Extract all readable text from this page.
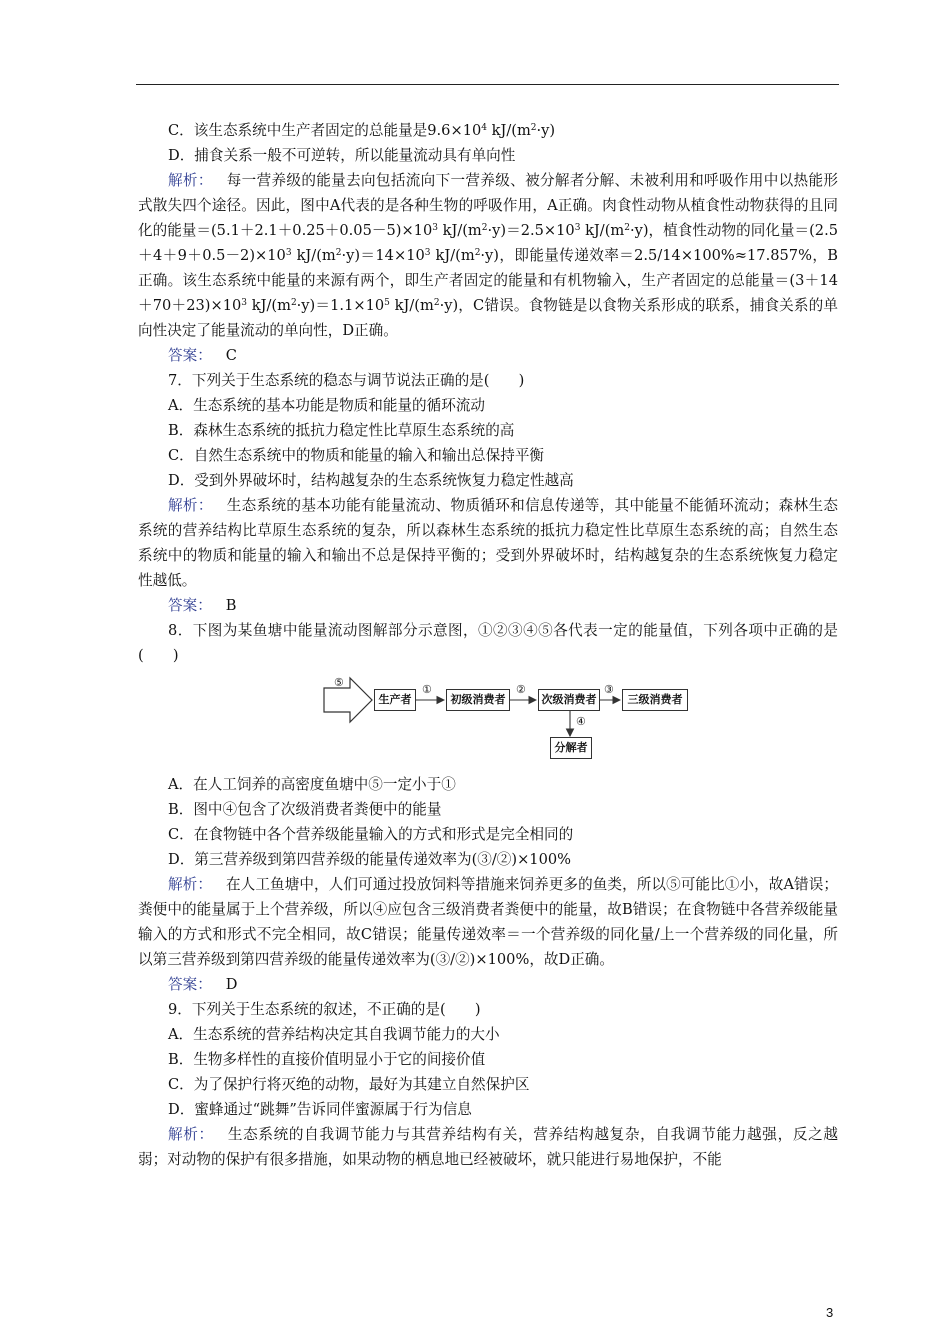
C．该生态系统中生产者固定的总能量是$9.6\times 10^4$ $kJ/(m^2\cdot y)$

D．捕食关系一般不可逆转，所以能量流动具有单向性

解析： 每一营养级的能量去向包括流向下一营养级、被分解者分解、未被利用和呼吸作用中以热能形式散失四个途径。因此，图中A代表的是各种生物的呼吸作用，A正确。肉食性动物从植食性动物获得的且同化的能量$=(5.1+2.1+0.25+0.05-5)\times 10^3$ $kJ/(m^2\cdot y)=2.5\times 10^3$ $kJ/(m^2\cdot y)$，植食性动物的同化量$=(2.5+4+9+0.5-2)\times 10^3$ $kJ/(m^2\cdot y)=14\times 10^3$ $kJ/(m^2\cdot y)$，即能量传递效率＝2.5/14×100%≈17.857%，B正确。该生态系统中能量的来源有两个，即生产者固定的能量和有机物输入，生产者固定的总能量$=(3+14+70+23)\times 10^3$ $kJ/(m^2\cdot y)=1.1\times 10^5$ $kJ/(m^2\cdot y)$，C错误。食物链是以食物关系形成的联系，捕食关系的单向性决定了能量流动的单向性，D正确。

答案： C

7．下列关于生态系统的稳态与调节说法正确的是(　　)

A．生态系统的基本功能是物质和能量的循环流动

B．森林生态系统的抵抗力稳定性比草原生态系统的高

C．自然生态系统中的物质和能量的输入和输出总保持平衡

D．受到外界破坏时，结构越复杂的生态系统恢复力稳定性越高

解析： 生态系统的基本功能有能量流动、物质循环和信息传递等，其中能量不能循环流动；森林生态系统的营养结构比草原生态系统的复杂，所以森林生态系统的抵抗力稳定性比草原生态系统的高；自然生态系统中的物质和能量的输入和输出不总是保持平衡的；受到外界破坏时，结构越复杂的生态系统恢复力稳定性越低。

答案： B

8．下图为某鱼塘中能量流动图解部分示意图，①②③④⑤各代表一定的能量值，下列各项中正确的是(　　)

⑤
生产者
①
初级消费者
②
次级消费者
③
三级消费者
④
分解者

A．在人工饲养的高密度鱼塘中⑤一定小于①

B．图中④包含了次级消费者粪便中的能量

C．在食物链中各个营养级能量输入的方式和形式是完全相同的

D．第三营养级到第四营养级的能量传递效率为(③/②)×100%

解析： 在人工鱼塘中，人们可通过投放饲料等措施来饲养更多的鱼类，所以⑤可能比①小，故A错误；粪便中的能量属于上个营养级，所以④应包含三级消费者粪便中的能量，故B错误；在食物链中各营养级能量输入的方式和形式不完全相同，故C错误；能量传递效率＝一个营养级的同化量/上一个营养级的同化量，所以第三营养级到第四营养级的能量传递效率为(③/②)×100%，故D正确。

答案： D

9．下列关于生态系统的叙述，不正确的是(　　)

A．生态系统的营养结构决定其自我调节能力的大小

B．生物多样性的直接价值明显小于它的间接价值

C．为了保护行将灭绝的动物，最好为其建立自然保护区

D．蜜蜂通过“跳舞”告诉同伴蜜源属于行为信息

解析： 生态系统的自我调节能力与其营养结构有关，营养结构越复杂，自我调节能力越强，反之越弱；对动物的保护有很多措施，如果动物的栖息地已经被破坏，就只能进行易地保护，不能

3
